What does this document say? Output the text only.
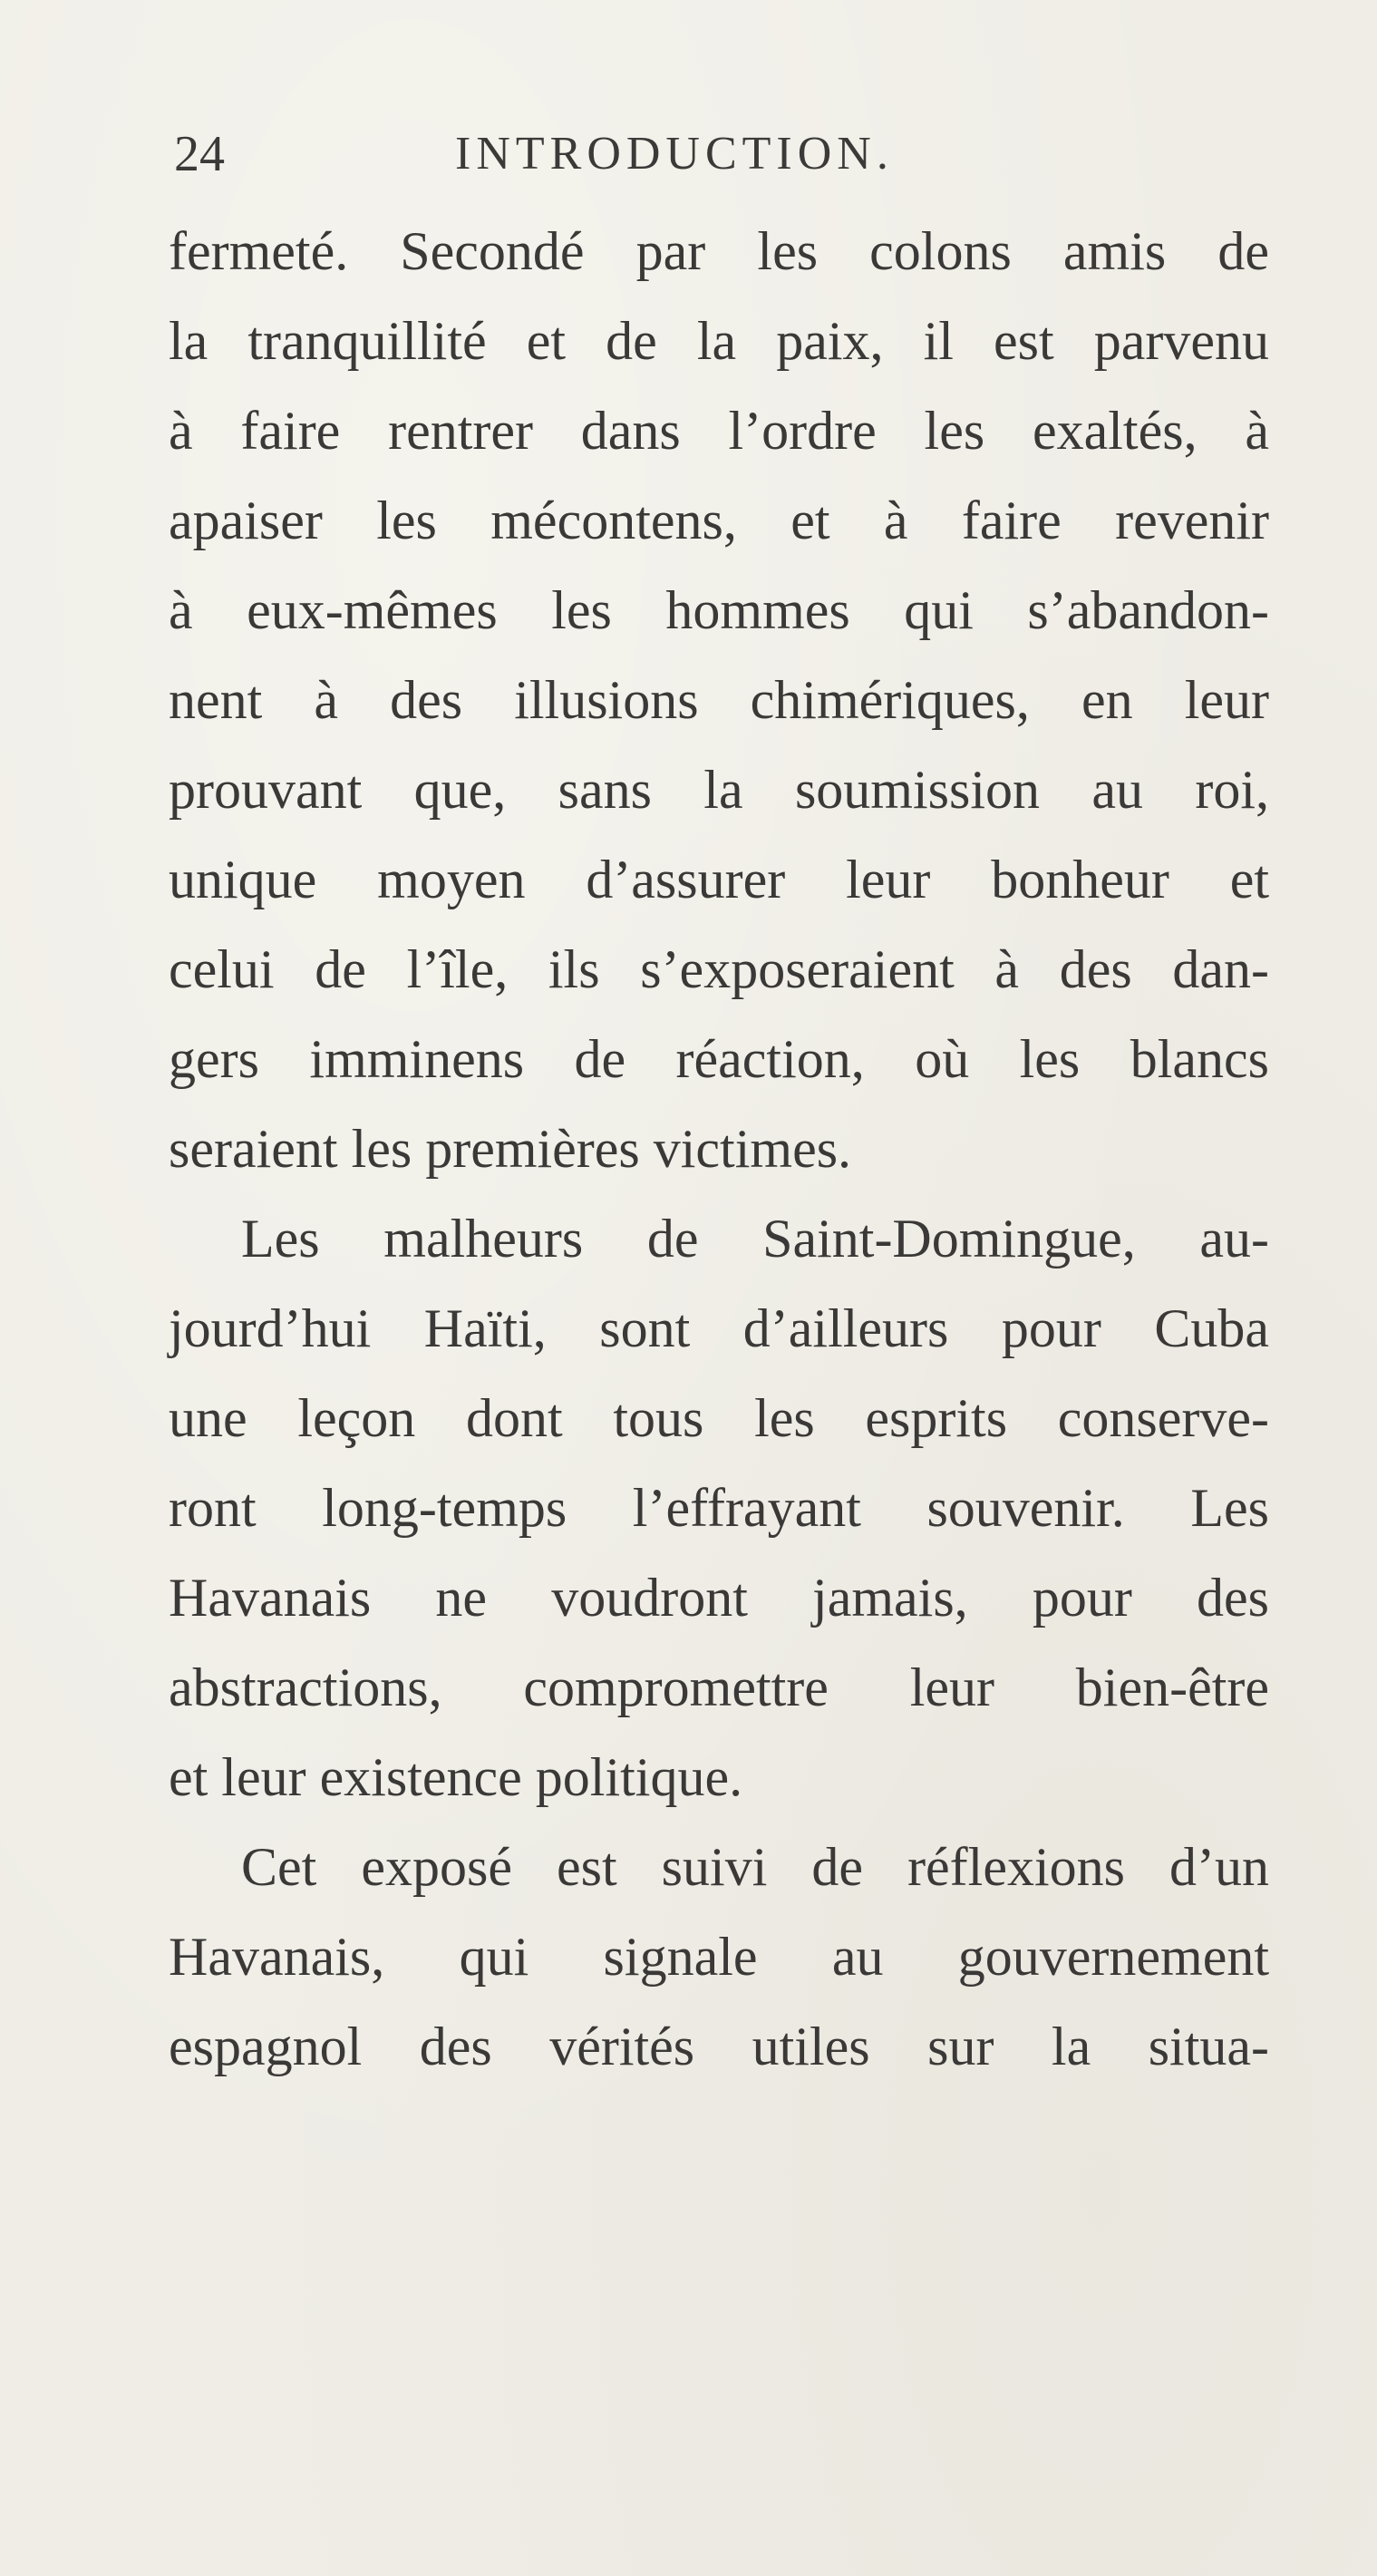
24	INTRODUCTION.
fermeté. Secondé par les colons amis de
la tranquillité et de la paix, il est parvenu
à faire rentrer dans l’ordre les exaltés, à
apaiser les mécontens, et à faire revenir
à eux-mêmes les hommes qui s’abandon-
nent à des illusions chimériques, en leur
prouvant que, sans la soumission au roi,
unique moyen d’assurer leur bonheur et
celui de l’île, ils s’exposeraient à des dan-
gers imminens de réaction, où les blancs
seraient les premières victimes.
Les malheurs de Saint-Domingue, au-
jourd’hui Haïti, sont d’ailleurs pour Cuba
une leçon dont tous les esprits conserve-
ront long-temps l’effrayant souvenir. Les
Havanais ne voudront jamais, pour des
abstractions, compromettre leur bien-être
et leur existence politique.
Cet exposé est suivi de réflexions d’un
Havanais, qui signale au gouvernement
espagnol des vérités utiles sur la situa-
